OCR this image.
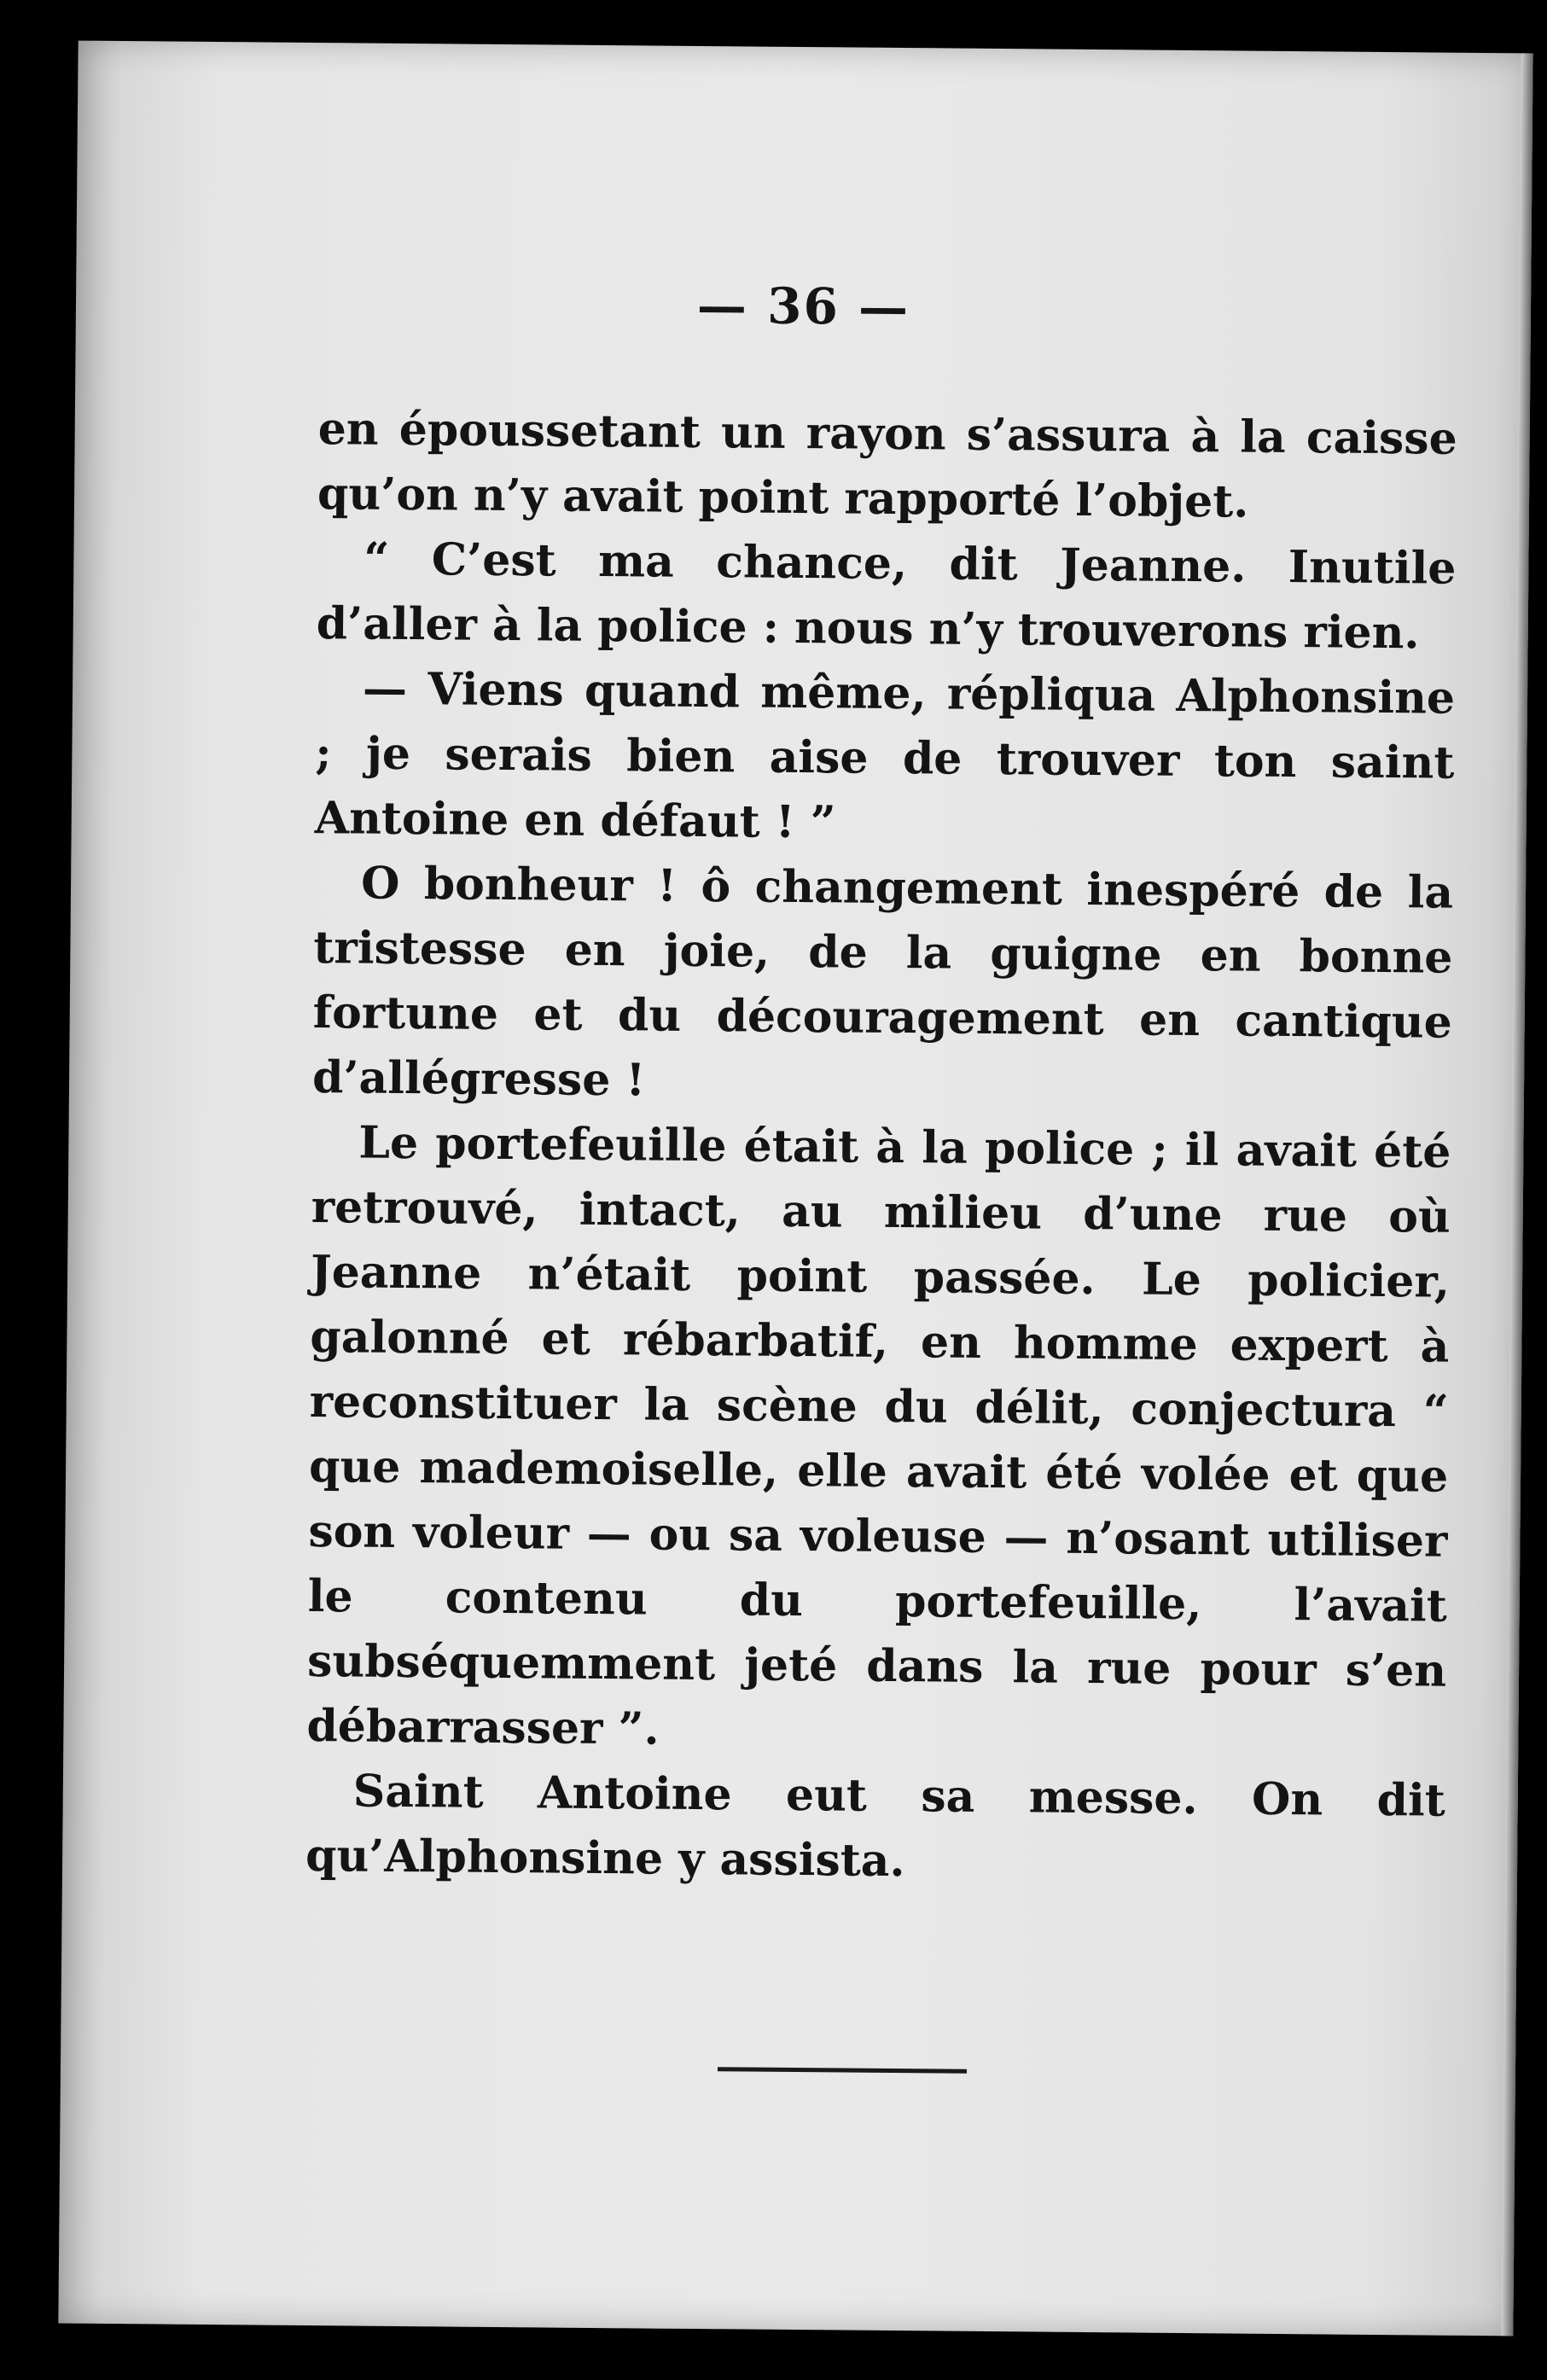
— 36 —

en époussetant un rayon s’assura à la caisse qu’on n’y avait point rapporté l’objet.

“ C’est ma chance, dit Jeanne. Inutile d’aller à la police : nous n’y trouverons rien.

— Viens quand même, répliqua Alphonsine ; je serais bien aise de trouver ton saint Antoine en défaut ! ”

O bonheur ! ô changement inespéré de la tristesse en joie, de la guigne en bonne fortune et du découragement en cantique d’allégresse !

Le portefeuille était à la police ; il avait été retrouvé, intact, au milieu d’une rue où Jeanne n’était point passée. Le policier, galonné et rébarbatif, en homme expert à reconstituer la scène du délit, conjectura “ que mademoiselle, elle avait été volée et que son voleur — ou sa voleuse — n’osant utiliser le contenu du portefeuille, l’avait subséquemment jeté dans la rue pour s’en débarrasser ”.

Saint Antoine eut sa messe. On dit qu’Alphonsine y assista.
